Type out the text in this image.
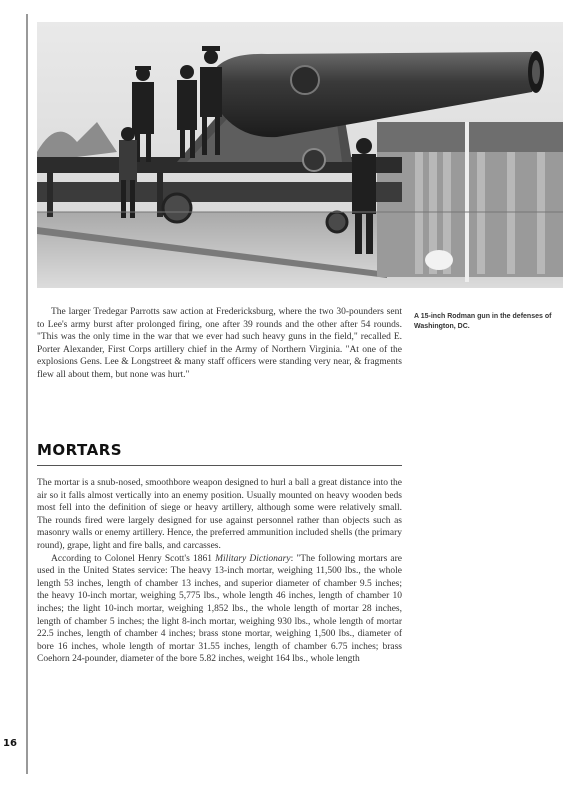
The larger Tredegar Parrotts saw action at Fredericksburg, where the two 30-pounders sent to Lee's army burst after prolonged firing, one after 39 rounds and the other after 54 rounds. "This was the only time in the war that we ever had such heavy guns in the field," recalled E. Porter Alexander, First Corps artillery chief in the Army of Northern Virginia. "At one of the explosions Gens. Lee & Longstreet & many staff officers were standing very near, & fragments flew all about them, but none was hurt."

A 15-inch Rodman gun in the defenses of Washington, DC.
MORTARS

The mortar is a snub-nosed, smoothbore weapon designed to hurl a ball a great distance into the air so it falls almost vertically into an enemy position. Usually mounted on heavy wooden beds most fell into the definition of siege or heavy artillery, although some were relatively small. The rounds fired were largely designed for use against personnel rather than objects such as masonry walls or enemy artillery. Hence, the preferred ammunition included shells (the primary round), grape, light and fire balls, and carcasses.

According to Colonel Henry Scott's 1861 Military Dictionary: "The following mortars are used in the United States service: The heavy 13-inch mortar, weighing 11,500 lbs., the whole length 53 inches, length of chamber 13 inches, and superior diameter of chamber 9.5 inches; the heavy 10-inch mortar, weighing 5,775 lbs., whole length 46 inches, length of chamber 10 inches; the light 10-inch mortar, weighing 1,852 lbs., the whole length of mortar 28 inches, length of chamber 5 inches; the light 8-inch mortar, weighing 930 lbs., whole length of mortar 22.5 inches, length of chamber 4 inches; brass stone mortar, weighing 1,500 lbs., diameter of bore 16 inches, whole length of mortar 31.55 inches, length of chamber 6.75 inches; brass Coehorn 24-pounder, diameter of the bore 5.82 inches, weight 164 lbs., whole length

16
